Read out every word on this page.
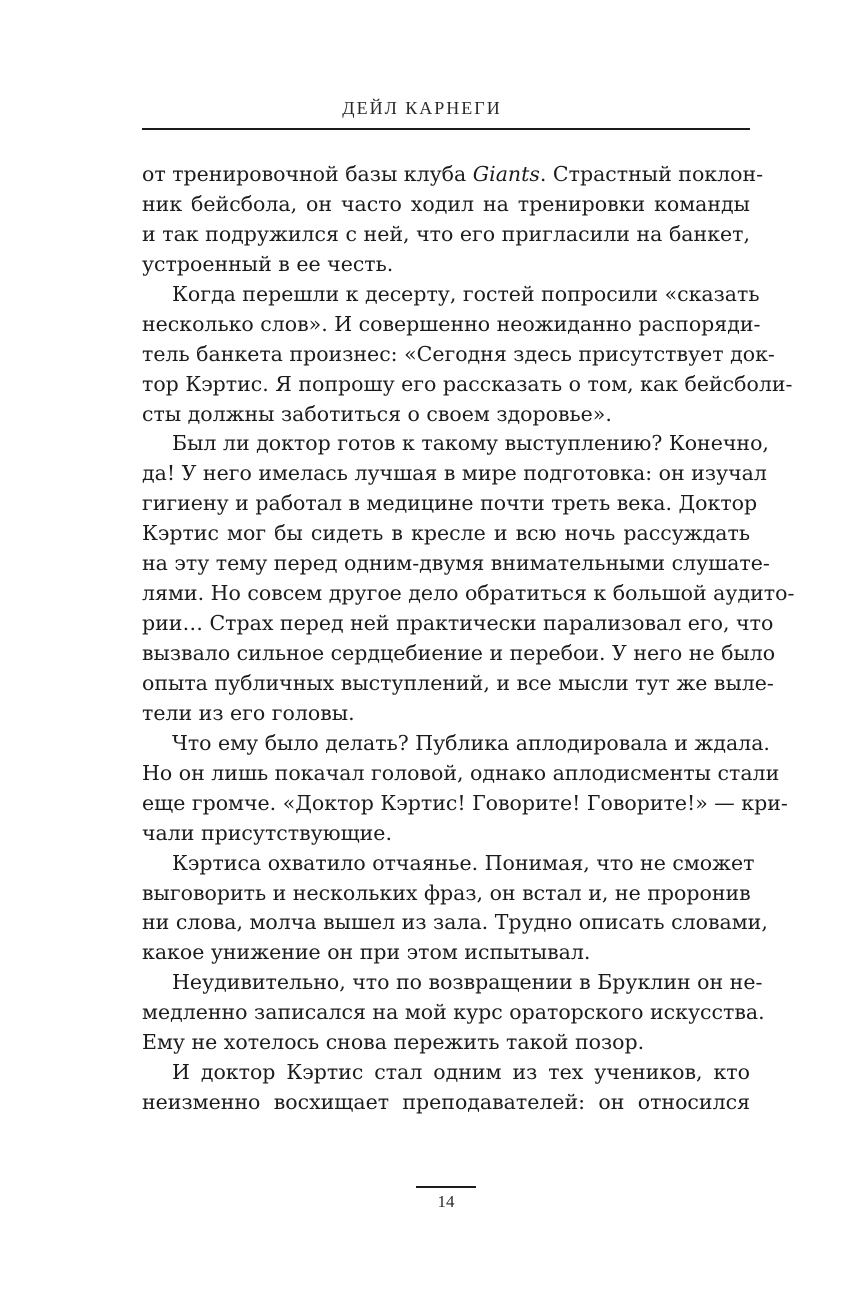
ДЕЙЛ КАРНЕГИ

от тренировочной базы клуба Giants. Страстный поклон-
ник бейсбола, он часто ходил на тренировки команды
и так подружился с ней, что его пригласили на банкет,
устроенный в ее честь.

Когда перешли к десерту, гостей попросили «сказать
несколько слов». И совершенно неожиданно распоряди-
тель банкета произнес: «Сегодня здесь присутствует док-
тор Кэртис. Я попрошу его рассказать о том, как бейсболи-
сты должны заботиться о своем здоровье».

Был ли доктор готов к такому выступлению? Конечно,
да! У него имелась лучшая в мире подготовка: он изучал
гигиену и работал в медицине почти треть века. Доктор
Кэртис мог бы сидеть в кресле и всю ночь рассуждать
на эту тему перед одним-двумя внимательными слушате-
лями. Но совсем другое дело обратиться к большой аудито-
рии… Страх перед ней практически парализовал его, что
вызвало сильное сердцебиение и перебои. У него не было
опыта публичных выступлений, и все мысли тут же выле-
тели из его головы.

Что ему было делать? Публика аплодировала и ждала.
Но он лишь покачал головой, однако аплодисменты стали
еще громче. «Доктор Кэртис! Говорите! Говорите!» — кри-
чали присутствующие.

Кэртиса охватило отчаянье. Понимая, что не сможет
выговорить и нескольких фраз, он встал и, не проронив
ни слова, молча вышел из зала. Трудно описать словами,
какое унижение он при этом испытывал.

Неудивительно, что по возвращении в Бруклин он не-
медленно записался на мой курс ораторского искусства.
Ему не хотелось снова пережить такой позор.

И доктор Кэртис стал одним из тех учеников, кто
неизменно восхищает преподавателей: он относился

14
